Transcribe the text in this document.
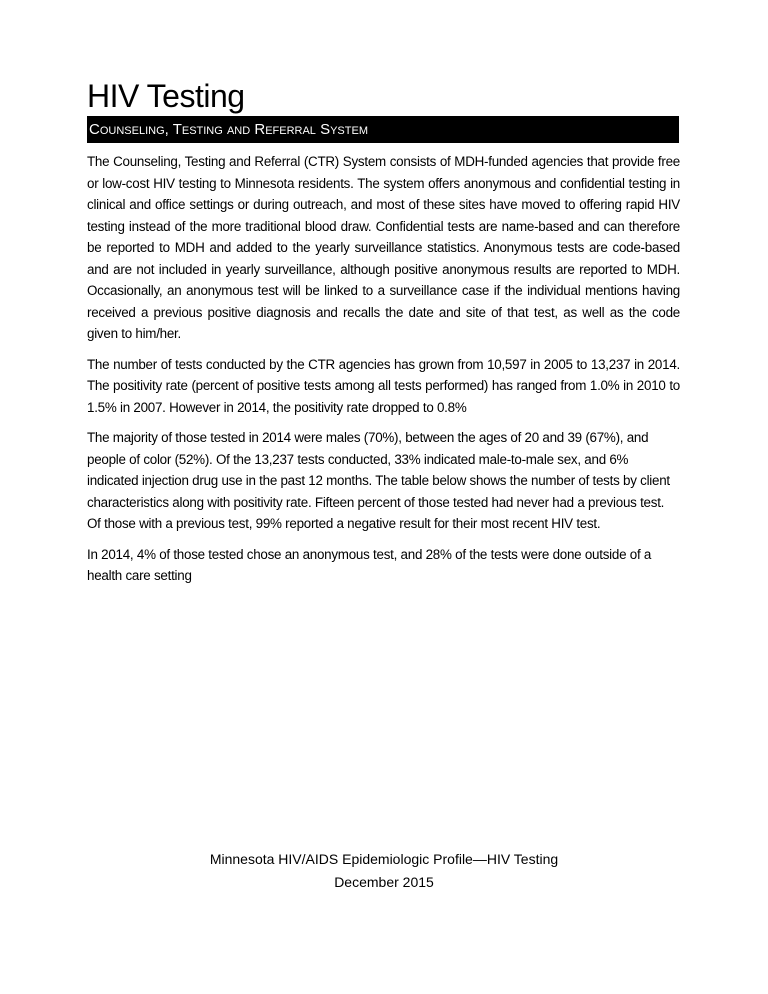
HIV Testing
Counseling, Testing and Referral System

The Counseling, Testing and Referral (CTR) System consists of MDH-funded agencies that provide free or low-cost HIV testing to Minnesota residents. The system offers anonymous and confidential testing in clinical and office settings or during outreach, and most of these sites have moved to offering rapid HIV testing instead of the more traditional blood draw. Confidential tests are name-based and can therefore be reported to MDH and added to the yearly surveillance statistics. Anonymous tests are code-based and are not included in yearly surveillance, although positive anonymous results are reported to MDH. Occasionally, an anonymous test will be linked to a surveillance case if the individual mentions having received a previous positive diagnosis and recalls the date and site of that test, as well as the code given to him/her.

The number of tests conducted by the CTR agencies has grown from 10,597 in 2005 to 13,237 in 2014. The positivity rate (percent of positive tests among all tests performed) has ranged from 1.0% in 2010 to 1.5% in 2007. However in 2014, the positivity rate dropped to 0.8%

The majority of those tested in 2014 were males (70%), between the ages of 20 and 39 (67%), and people of color (52%). Of the 13,237 tests conducted, 33% indicated male-to-male sex, and 6% indicated injection drug use in the past 12 months. The table below shows the number of tests by client characteristics along with positivity rate. Fifteen percent of those tested had never had a previous test. Of those with a previous test, 99% reported a negative result for their most recent HIV test.

In 2014, 4% of those tested chose an anonymous test, and 28% of the tests were done outside of a health care setting

Minnesota HIV/AIDS Epidemiologic Profile—HIV Testing
December 2015
